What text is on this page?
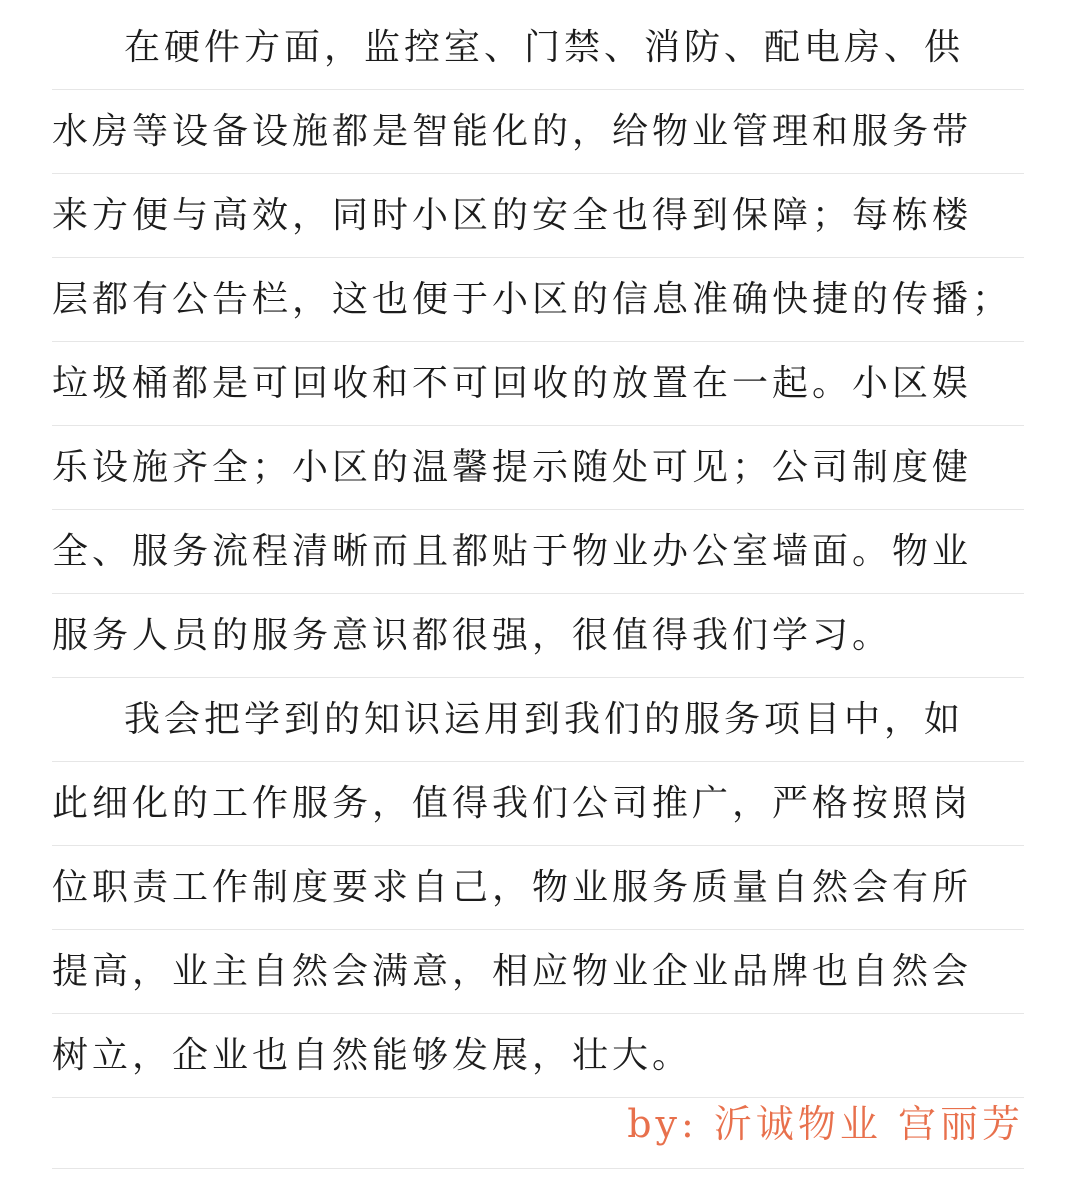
在硬件方面，监控室、门禁、消防、配电房、供
水房等设备设施都是智能化的，给物业管理和服务带
来方便与高效，同时小区的安全也得到保障；每栋楼
层都有公告栏，这也便于小区的信息准确快捷的传播；
垃圾桶都是可回收和不可回收的放置在一起。小区娱
乐设施齐全；小区的温馨提示随处可见；公司制度健
全、服务流程清晰而且都贴于物业办公室墙面。物业
服务人员的服务意识都很强，很值得我们学习。
我会把学到的知识运用到我们的服务项目中，如
此细化的工作服务，值得我们公司推广，严格按照岗
位职责工作制度要求自己，物业服务质量自然会有所
提高，业主自然会满意，相应物业企业品牌也自然会
树立，企业也自然能够发展，壮大。
by: 沂诚物业 宫丽芳
